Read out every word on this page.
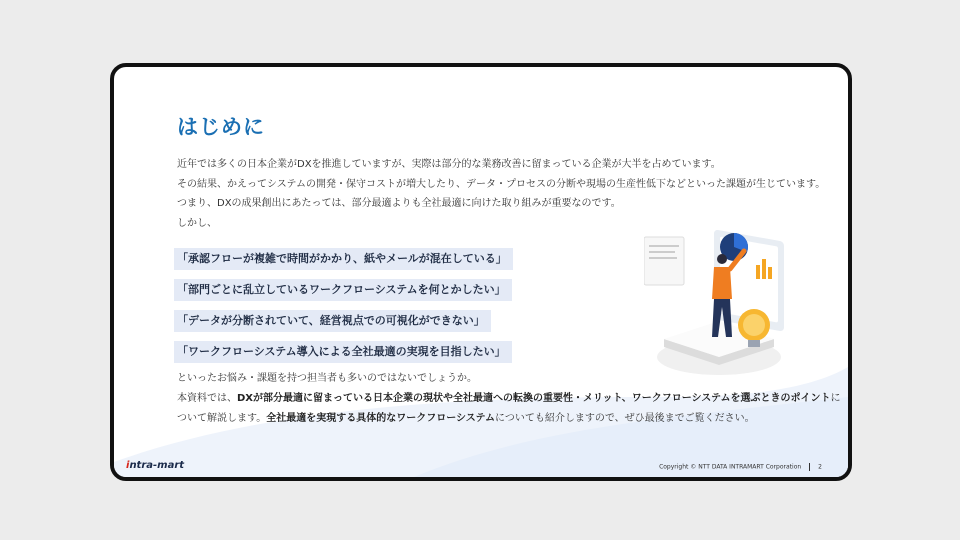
はじめに
近年では多くの日本企業がDXを推進していますが、実際は部分的な業務改善に留まっている企業が大半を占めています。
その結果、かえってシステムの開発・保守コストが増大したり、データ・プロセスの分断や現場の生産性低下などといった課題が生じています。
つまり、DXの成果創出にあたっては、部分最適よりも全社最適に向けた取り組みが重要なのです。
しかし、
「承認フローが複雑で時間がかかり、紙やメールが混在している」
「部門ごとに乱立しているワークフローシステムを何とかしたい」
「データが分断されていて、経営視点での可視化ができない」
「ワークフローシステム導入による全社最適の実現を目指したい」
といったお悩み・課題を持つ担当者も多いのではないでしょうか。
本資料では、DXが部分最適に留まっている日本企業の現状や全社最適への転換の重要性・メリット、ワークフローシステムを選ぶときのポイントに
ついて解説します。全社最適を実現する具体的なワークフローシステムについても紹介しますので、ぜひ最後までご覧ください。
intra-mart	Copyright © NTT DATA INTRAMART Corporation	2
